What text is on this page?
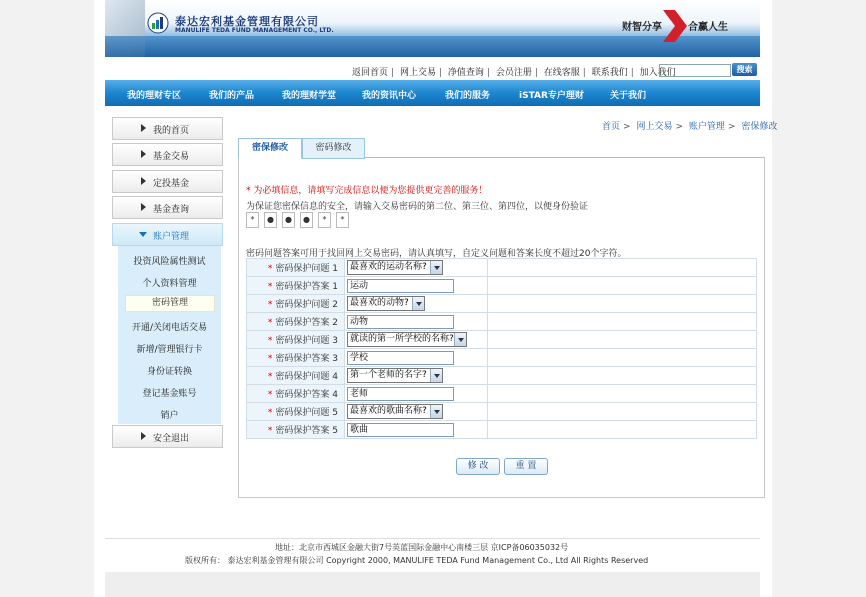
泰达宏利基金管理有限公司
MANULIFE TEDA FUND MANAGEMENT CO., LTD.	财智分享	合赢人生
返回首页 | 网上交易 | 净值查询 | 会员注册 | 在线客服 | 联系我们 | 加入我们	搜索
我的理财专区	我们的产品	我的理财学堂	我的资讯中心	我们的服务	iSTAR专户理财	关于我们
我的首页
基金交易
定投基金
基金查询
账户管理
投资风险属性测试
个人资料管理
密码管理
开通/关闭电话交易
新增/管理银行卡
身份证转换
登记基金账号
销户
安全退出
首页 > 网上交易 > 账户管理 > 密保修改
密保修改	密码修改
* 为必填信息，请填写完成信息以便为您提供更完善的服务！
为保证您密保信息的安全，请输入交易密码的第二位、第三位、第四位，以便身份验证
*	●	●	●	*	*
密码问题答案可用于找回网上交易密码，请认真填写，自定义问题和答案长度不超过20个字符。
* 密码保护问题 1	最喜欢的运动名称?

* 密码保护答案 1	运动	
* 密码保护问题 2	最喜欢的动物?

* 密码保护答案 2	动物	
* 密码保护问题 3	就读的第一所学校的名称?

* 密码保护答案 3	学校	
* 密码保护问题 4	第一个老师的名字?

* 密码保护答案 4	老师	
* 密码保护问题 5	最喜欢的歌曲名称?

* 密码保护答案 5	歌曲	
修 改	重 置
地址：北京市西城区金融大街7号英蓝国际金融中心南楼三层 京ICP备06035032号
版权所有： 泰达宏利基金管理有限公司 Copyright 2000, MANULIFE TEDA Fund Management Co., Ltd All Rights Reserved
